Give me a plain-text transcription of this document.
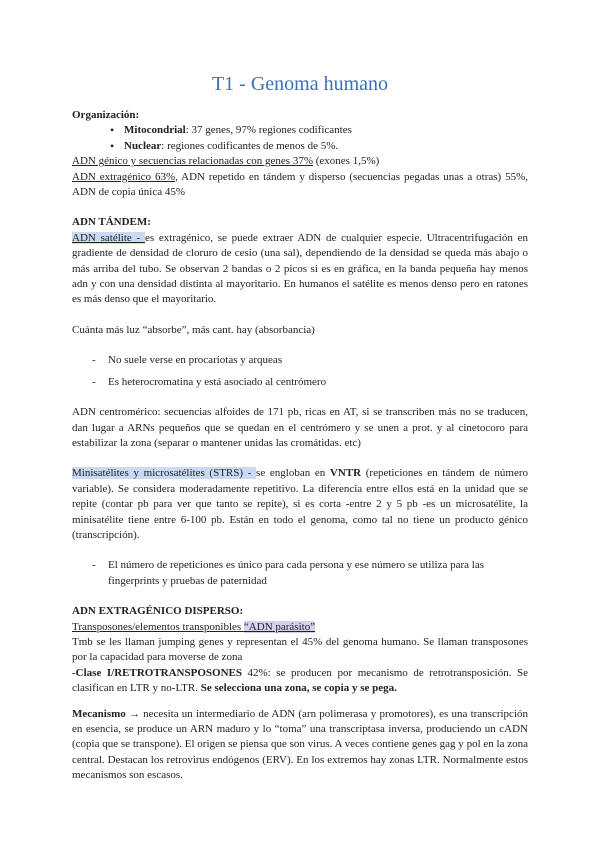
T1 - Genoma humano

Organización:

• Mitocondrial: 37 genes, 97% regiones codificantes
• Nuclear: regiones codificantes de menos de 5%.

ADN génico y secuencias relacionadas con genes 37% (exones 1,5%)

ADN extragénico 63%, ADN repetido en tándem y disperso (secuencias pegadas unas a otras) 55%, ADN de copia única 45%

ADN TÁNDEM:

ADN satélite - es extragénico, se puede extraer ADN de cualquier especie. Ultracentrifugación en gradiente de densidad de cloruro de cesio (una sal), dependiendo de la densidad se queda más abajo o más arriba del tubo. Se observan 2 bandas o 2 picos si es en gráfica, en la banda pequeña hay menos adn y con una densidad distinta al mayoritario. En humanos el satélite es menos denso pero en ratones es más denso que el mayoritario.

Cuánta más luz “absorbe”, más cant. hay (absorbancia)

- No suele verse en procariotas y arqueas
- Es heterocromatina y está asociado al centrómero

ADN centromérico: secuencias alfoides de 171 pb, ricas en AT, si se transcriben más no se traducen, dan lugar a ARNs pequeños que se quedan en el centrómero y se unen a prot. y al cinetocoro para estabilizar la zona (separar o mantener unidas las cromátidas. etc)

Minisatélites y microsatélites (STRS) - se engloban en VNTR (repeticiones en tándem de número variable). Se considera moderadamente repetitivo. La diferencia entre ellos está en la unidad que se repite (contar pb para ver que tanto se repite), si es corta -entre 2 y 5 pb -es un microsatélite, la minisatélite tiene entre 6-100 pb. Están en todo el genoma, como tal no tiene un producto génico (transcripción).

- El número de repeticiones es único para cada persona y ese número se utiliza para las fingerprints y pruebas de paternidad

ADN EXTRAGÉNICO DISPERSO:

Transposones/elementos transponibles “ADN parásito”

Tmb se les llaman jumping genes y representan el 45% del genoma humano. Se llaman transposones por la capacidad para moverse de zona

-Clase I/RETROTRANSPOSONES 42%: se producen por mecanismo de retrotransposición. Se clasifican en LTR y no-LTR. Se selecciona una zona, se copia y se pega.

Mecanismo → necesita un intermediario de ADN (arn polimerasa y promotores), es una transcripción en esencia, se produce un ARN maduro y lo “toma” una transcriptasa inversa, produciendo un cADN (copia que se transpone). El origen se piensa que son virus. A veces contiene genes gag y pol en la zona central. Destacan los retrovirus endógenos (ERV). En los extremos hay zonas LTR. Normalmente estos mecanismos son escasos.
